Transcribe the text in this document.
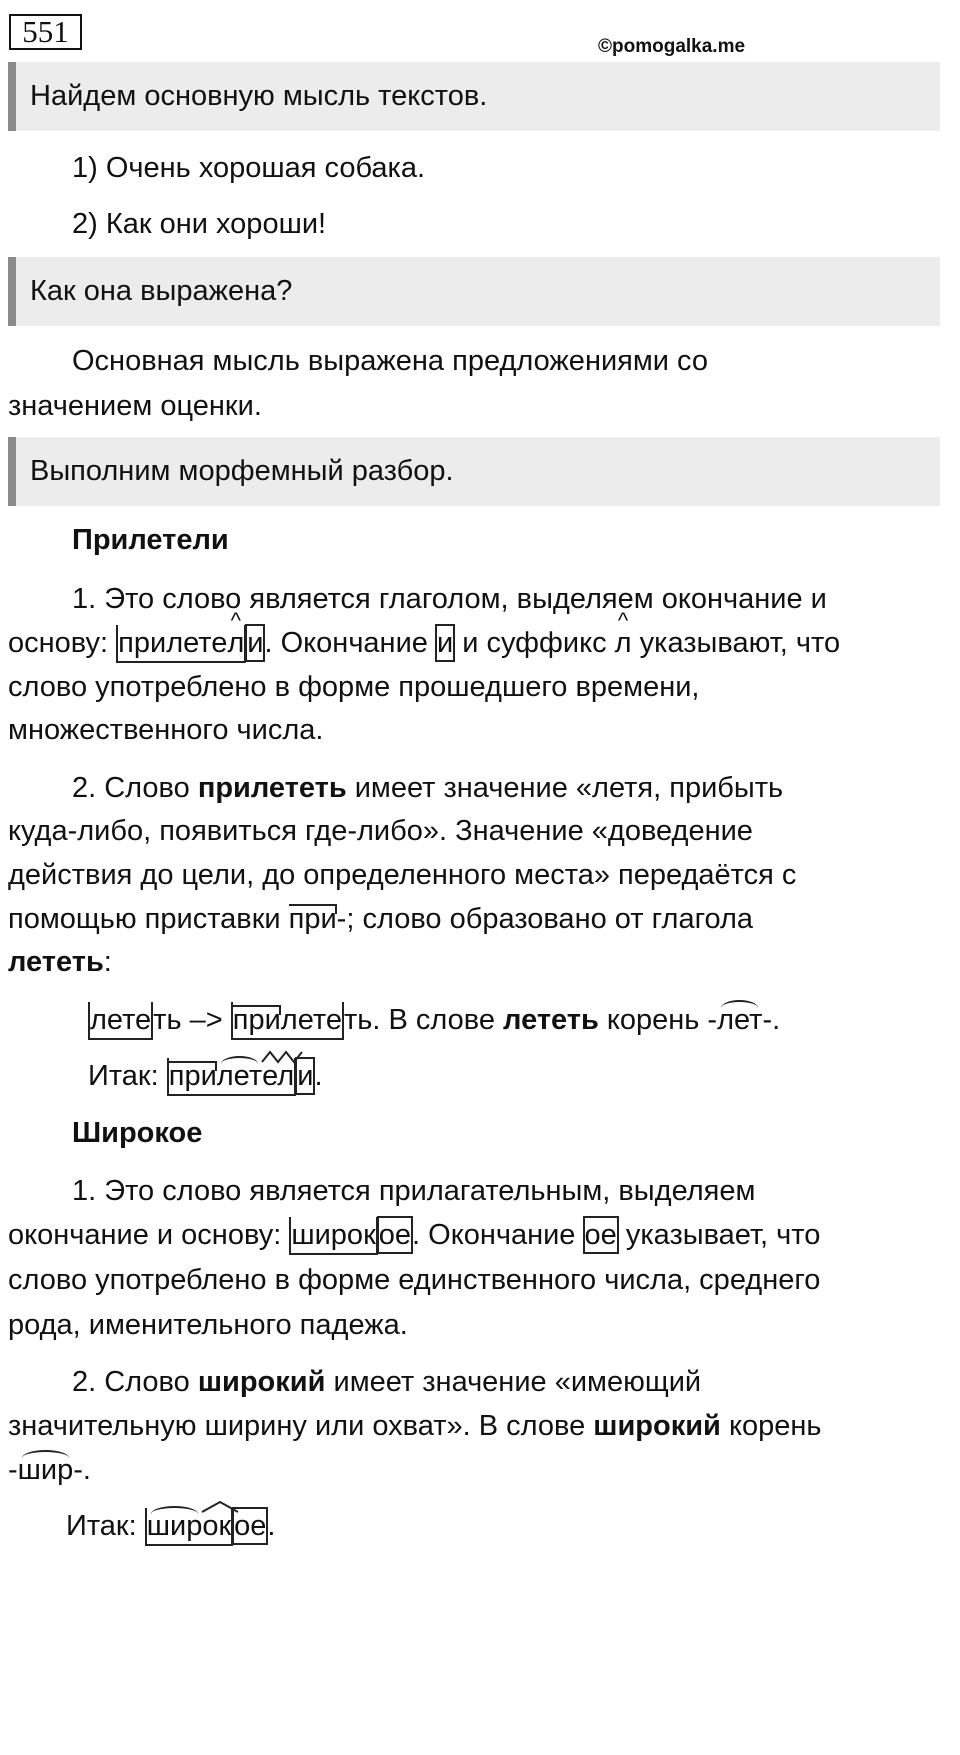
551	©pomogalka.me
Найдем основную мысль текстов.
1) Очень хорошая собака.
2) Как они хороши!
Как она выражена?
Основная мысль выражена предложениями со
значением оценки.
Выполним морфемный разбор.
Прилетели
1. Это слово является глаголом, выделяем окончание и
основу: прилете^ л и. Окончание и и суффикс ^ л указывают, что
слово употреблено в форме прошедшего времени,
множественного числа.
2. Слово прилететь имеет значение «летя, прибыть
куда-либо, появиться где-либо». Значение «доведение
действия до цели, до определенного места» передаётся с
помощью приставки при-; слово образовано от глагола
лететь:
лететь –> прилететь. В слове лететь корень -лет-.
Итак: прилет
ел и.
Широкое
1. Это слово является прилагательным, выделяем
окончание и основу: широк ое. Окончание ое указывает, что
слово употреблено в форме единственного числа, среднего
рода, именительного падежа.
2. Слово широкий имеет значение «имеющий
значительную ширину или охват». В слове широкий корень
-шир-.
Итак: шир
ок ое.
